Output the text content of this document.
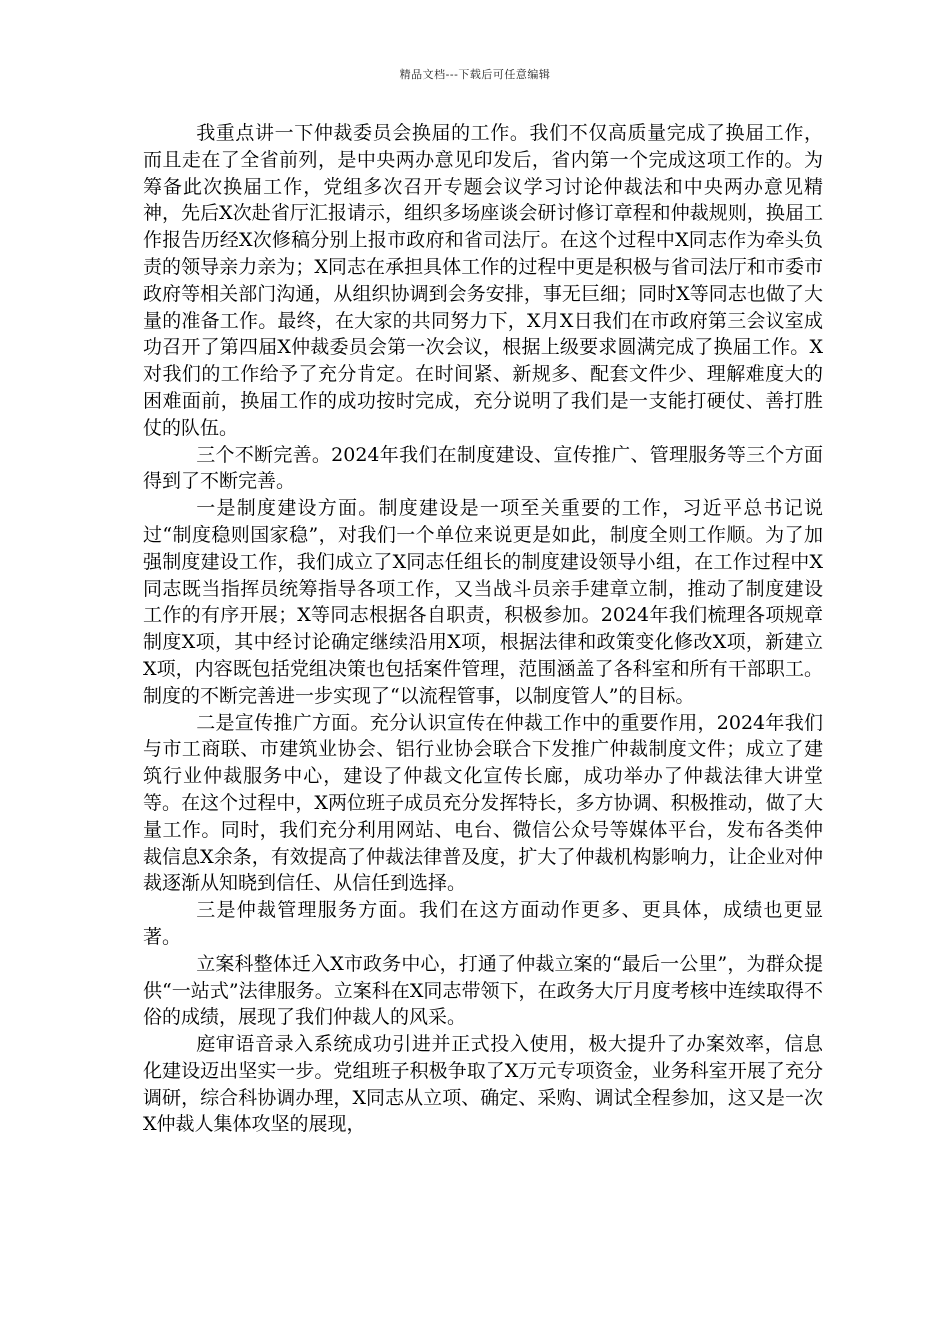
精品文档---下载后可任意编辑

我重点讲一下仲裁委员会换届的工作。我们不仅高质量完成了换届工作，而且走在了全省前列，是中央两办意见印发后，省内第一个完成这项工作的。为筹备此次换届工作，党组多次召开专题会议学习讨论仲裁法和中央两办意见精神，先后X次赴省厅汇报请示，组织多场座谈会研讨修订章程和仲裁规则，换届工作报告历经X次修稿分别上报市政府和省司法厅。在这个过程中X同志作为牵头负责的领导亲力亲为；X同志在承担具体工作的过程中更是积极与省司法厅和市委市政府等相关部门沟通，从组织协调到会务安排，事无巨细；同时X等同志也做了大量的准备工作。最终，在大家的共同努力下，X月X日我们在市政府第三会议室成功召开了第四届X仲裁委员会第一次会议，根据上级要求圆满完成了换届工作。X对我们的工作给予了充分肯定。在时间紧、新规多、配套文件少、理解难度大的困难面前，换届工作的成功按时完成，充分说明了我们是一支能打硬仗、善打胜仗的队伍。

三个不断完善。2024年我们在制度建设、宣传推广、管理服务等三个方面得到了不断完善。

一是制度建设方面。制度建设是一项至关重要的工作，习近平总书记说过“制度稳则国家稳”，对我们一个单位来说更是如此，制度全则工作顺。为了加强制度建设工作，我们成立了X同志任组长的制度建设领导小组，在工作过程中X同志既当指挥员统筹指导各项工作，又当战斗员亲手建章立制，推动了制度建设工作的有序开展；X等同志根据各自职责，积极参加。2024年我们梳理各项规章制度X项，其中经讨论确定继续沿用X项，根据法律和政策变化修改X项，新建立X项，内容既包括党组决策也包括案件管理，范围涵盖了各科室和所有干部职工。制度的不断完善进一步实现了“以流程管事，以制度管人”的目标。

二是宣传推广方面。充分认识宣传在仲裁工作中的重要作用，2024年我们与市工商联、市建筑业协会、铝行业协会联合下发推广仲裁制度文件；成立了建筑行业仲裁服务中心，建设了仲裁文化宣传长廊，成功举办了仲裁法律大讲堂等。在这个过程中，X两位班子成员充分发挥特长，多方协调、积极推动，做了大量工作。同时，我们充分利用网站、电台、微信公众号等媒体平台，发布各类仲裁信息X余条，有效提高了仲裁法律普及度，扩大了仲裁机构影响力，让企业对仲裁逐渐从知晓到信任、从信任到选择。

三是仲裁管理服务方面。我们在这方面动作更多、更具体，成绩也更显著。

立案科整体迁入X市政务中心，打通了仲裁立案的“最后一公里”，为群众提供“一站式”法律服务。立案科在X同志带领下，在政务大厅月度考核中连续取得不俗的成绩，展现了我们仲裁人的风采。

庭审语音录入系统成功引进并正式投入使用，极大提升了办案效率，信息化建设迈出坚实一步。党组班子积极争取了X万元专项资金，业务科室开展了充分调研，综合科协调办理，X同志从立项、确定、采购、调试全程参加，这又是一次X仲裁人集体攻坚的展现，
